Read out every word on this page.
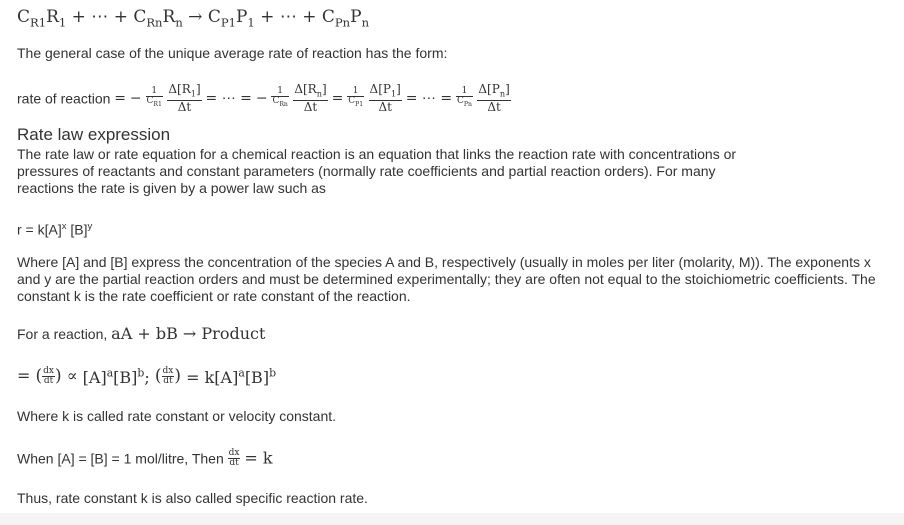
$C_{R1}R_1$ + ⋯ + $C_{Rn}R_n \to C_{P1}P_1$ + ⋯ + $C_{Pn}P_n$
The general case of the unique average rate of reaction has the form:
rate of reaction = − $\frac{1}{C_{R1}}$
$\frac{\Delta[R_1]}{\Delta t}$ = ⋯ = − $\frac{1}{C_{Rn}}$
$\frac{\Delta[R_n]}{\Delta t} = \frac{1}{C_{P1}}$
$\frac{\Delta[P_1]}{\Delta t}$ = ⋯ = $\frac{1}{C_{Pn}}$
$\frac{\Delta[P_n]}{\Delta t}$
Rate law expression
The rate law or rate equation for a chemical reaction is an equation that links the reaction rate with concentrations or pressures of reactants and constant parameters (normally rate coefficients and partial reaction orders). For many reactions the rate is given by a power law such as
$r = k[A]^x$ $[B]^y$
Where [A] and [B] express the concentration of the species A and B, respectively (usually in moles per liter (molarity, M)). The exponents x and y are the partial reaction orders and must be determined experimentally; they are often not equal to the stoichiometric coefficients. The constant k is the rate coefficient or rate constant of the reaction.
For a reaction, aA + bB → Product
= ( $\frac{dx}{dt}$ ) ∝ $[A]^a[B]^b$; ( $\frac{dx}{dt}$ ) = $k[A]^a[B]^b$
Where k is called rate constant or velocity constant.
When [A] = [B] = 1 mol/litre, Then $\frac{dx}{dt} = k$
Thus, rate constant k is also called specific reaction rate.
